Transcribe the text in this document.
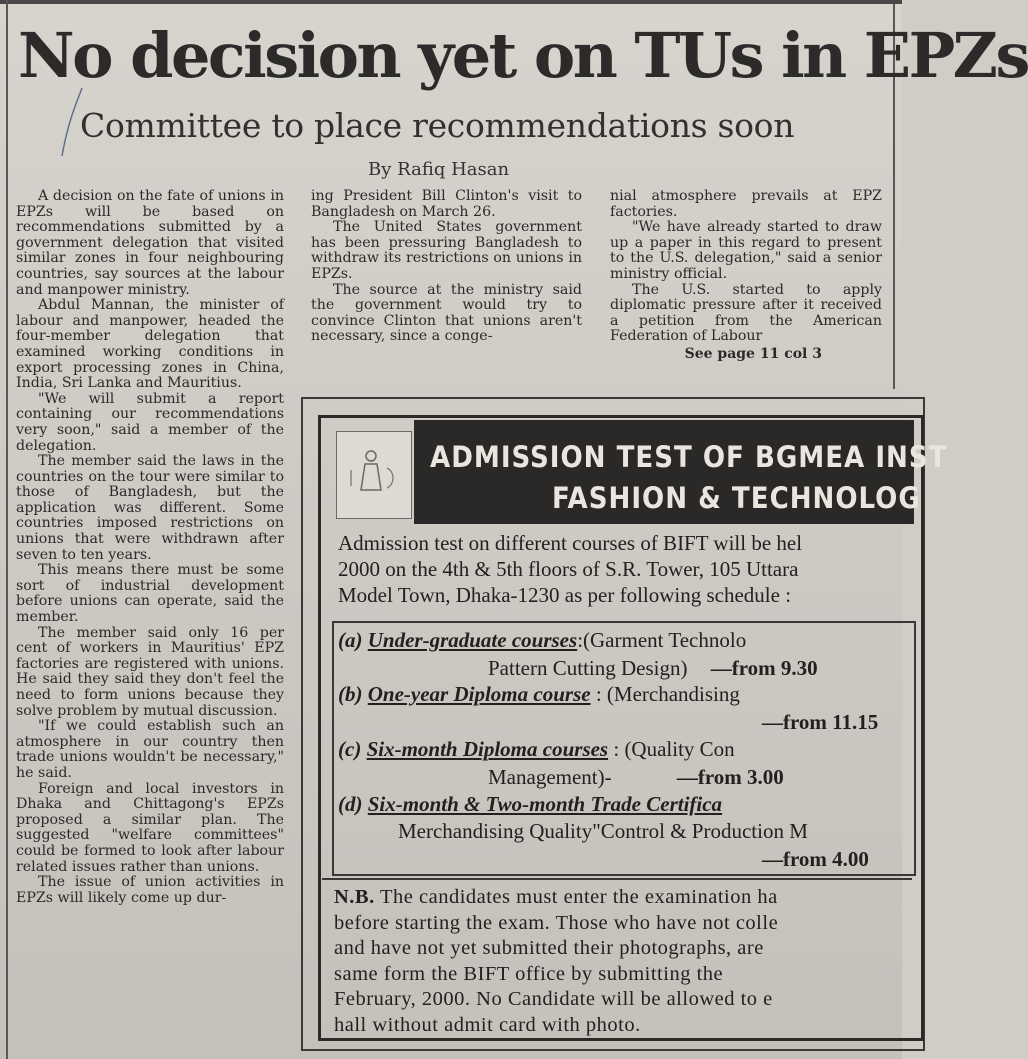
No decision yet on TUs in EPZs
Committee to place recommendations soon
By Rafiq Hasan

A decision on the fate of unions in EPZs will be based on recommendations submitted by a government delegation that visited similar zones in four neighbouring countries, say sources at the labour and manpower ministry.

Abdul Mannan, the minister of labour and manpower, headed the four-member delegation that examined working conditions in export processing zones in China, India, Sri Lanka and Mauritius.

"We will submit a report containing our recommendations very soon," said a member of the delegation.

The member said the laws in the countries on the tour were similar to those of Bangladesh, but the application was different. Some countries imposed restrictions on unions that were withdrawn after seven to ten years.

This means there must be some sort of industrial development before unions can operate, said the member.

The member said only 16 per cent of workers in Mauritius' EPZ factories are registered with unions. He said they said they don't feel the need to form unions because they solve problem by mutual discussion.

"If we could establish such an atmosphere in our country then trade unions wouldn't be necessary," he said.

Foreign and local investors in Dhaka and Chittagong's EPZs proposed a similar plan. The suggested "welfare committees" could be formed to look after labour related issues rather than unions.

The issue of union activities in EPZs will likely come up dur-

ing President Bill Clinton's visit to Bangladesh on March 26.

The United States government has been pressuring Bangladesh to withdraw its restrictions on unions in EPZs.

The source at the ministry said the government would try to convince Clinton that unions aren't necessary, since a conge-

nial atmosphere prevails at EPZ factories.

"We have already started to draw up a paper in this regard to present to the U.S. delegation," said a senior ministry official.

The U.S. started to apply diplomatic pressure after it received a petition from the American Federation of Labour

See page 11 col 3
ADMISSION TEST OF BGMEA INST
FASHION & TECHNOLOG
Admission test on different courses of BIFT will be hel
2000 on the 4th & 5th floors of S.R. Tower, 105 Uttara
Model Town, Dhaka-1230 as per following schedule :
(a) Under-graduate courses:(Garment Technolo
Pattern Cutting Design) —from 9.30
(b) One-year Diploma course : (Merchandising
—from 11.15
(c) Six-month Diploma courses : (Quality Con
Management)-	—from 3.00
(d) Six-month & Two-month Trade Certifica
Merchandising Quality"Control & Production M
—from 4.00
N.B. The candidates must enter the examination ha
before starting the exam. Those who have not colle
and have not yet submitted their photographs, are
same form the BIFT office by submitting the
February, 2000. No Candidate will be allowed to e
hall without admit card with photo.
